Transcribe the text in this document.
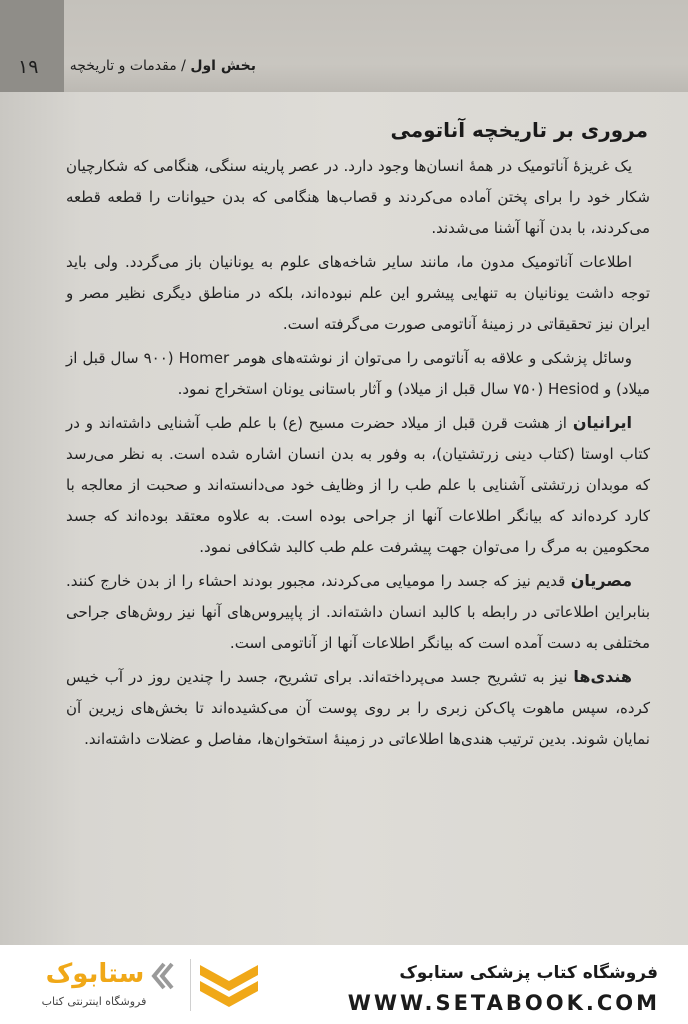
۱۹	بخش اول / مقدمات و تاریخچه
مروری بر تاریخچه آناتومی

یک غریزهٔ آناتومیک در همهٔ انسان‌ها وجود دارد. در عصر پارینه سنگی، هنگامی که شکارچیان شکار خود را برای پختن آماده می‌کردند و قصاب‌ها هنگامی که بدن حیوانات را قطعه قطعه می‌کردند، با بدن آنها آشنا می‌شدند.

اطلاعات آناتومیک مدون ما، مانند سایر شاخه‌های علوم به یونانیان باز می‌گردد. ولی باید توجه داشت یونانیان به تنهایی پیشرو این علم نبوده‌اند، بلکه در مناطق دیگری نظیر مصر و ایران نیز تحقیقاتی در زمینهٔ آناتومی صورت می‌گرفته است.

وسائل پزشکی و علاقه به آناتومی را می‌توان از نوشته‌های هومر Homer (۹۰۰ سال قبل از میلاد) و Hesiod (۷۵۰ سال قبل از میلاد) و آثار باستانی یونان استخراج نمود.

ایرانیان از هشت قرن قبل از میلاد حضرت مسیح (ع) با علم طب آشنایی داشته‌اند و در کتاب اوستا (کتاب دینی زرتشتیان)، به وفور به بدن انسان اشاره شده است. به نظر می‌رسد که موبدان زرتشتی آشنایی با علم طب را از وظایف خود می‌دانسته‌اند و صحبت از معالجه با کارد کرده‌اند که بیانگر اطلاعات آنها از جراحی بوده است. به علاوه معتقد بوده‌اند که جسد محکومین به مرگ را می‌توان جهت پیشرفت علم طب کالبد شکافی نمود.

مصریان قدیم نیز که جسد را مومیایی می‌کردند، مجبور بودند احشاء را از بدن خارج کنند. بنابراین اطلاعاتی در رابطه با کالبد انسان داشته‌اند. از پاپیروس‌های آنها نیز روش‌های جراحی مختلفی به دست آمده است که بیانگر اطلاعات آنها از آناتومی است.

هندی‌ها نیز به تشریح جسد می‌پرداخته‌اند. برای تشریح، جسد را چندین روز در آب خیس کرده، سپس ماهوت پاک‌کن زبری را بر روی پوست آن می‌کشیده‌اند تا بخش‌های زیرین آن نمایان شوند. بدین ترتیب هندی‌ها اطلاعاتی در زمینهٔ استخوان‌ها، مفاصل و عضلات داشته‌اند.

ستابوک
فروشگاه اینترنتی کتاب
فروشگاه کتاب پزشکی ستابوک
WWW.SETABOOK.COM
